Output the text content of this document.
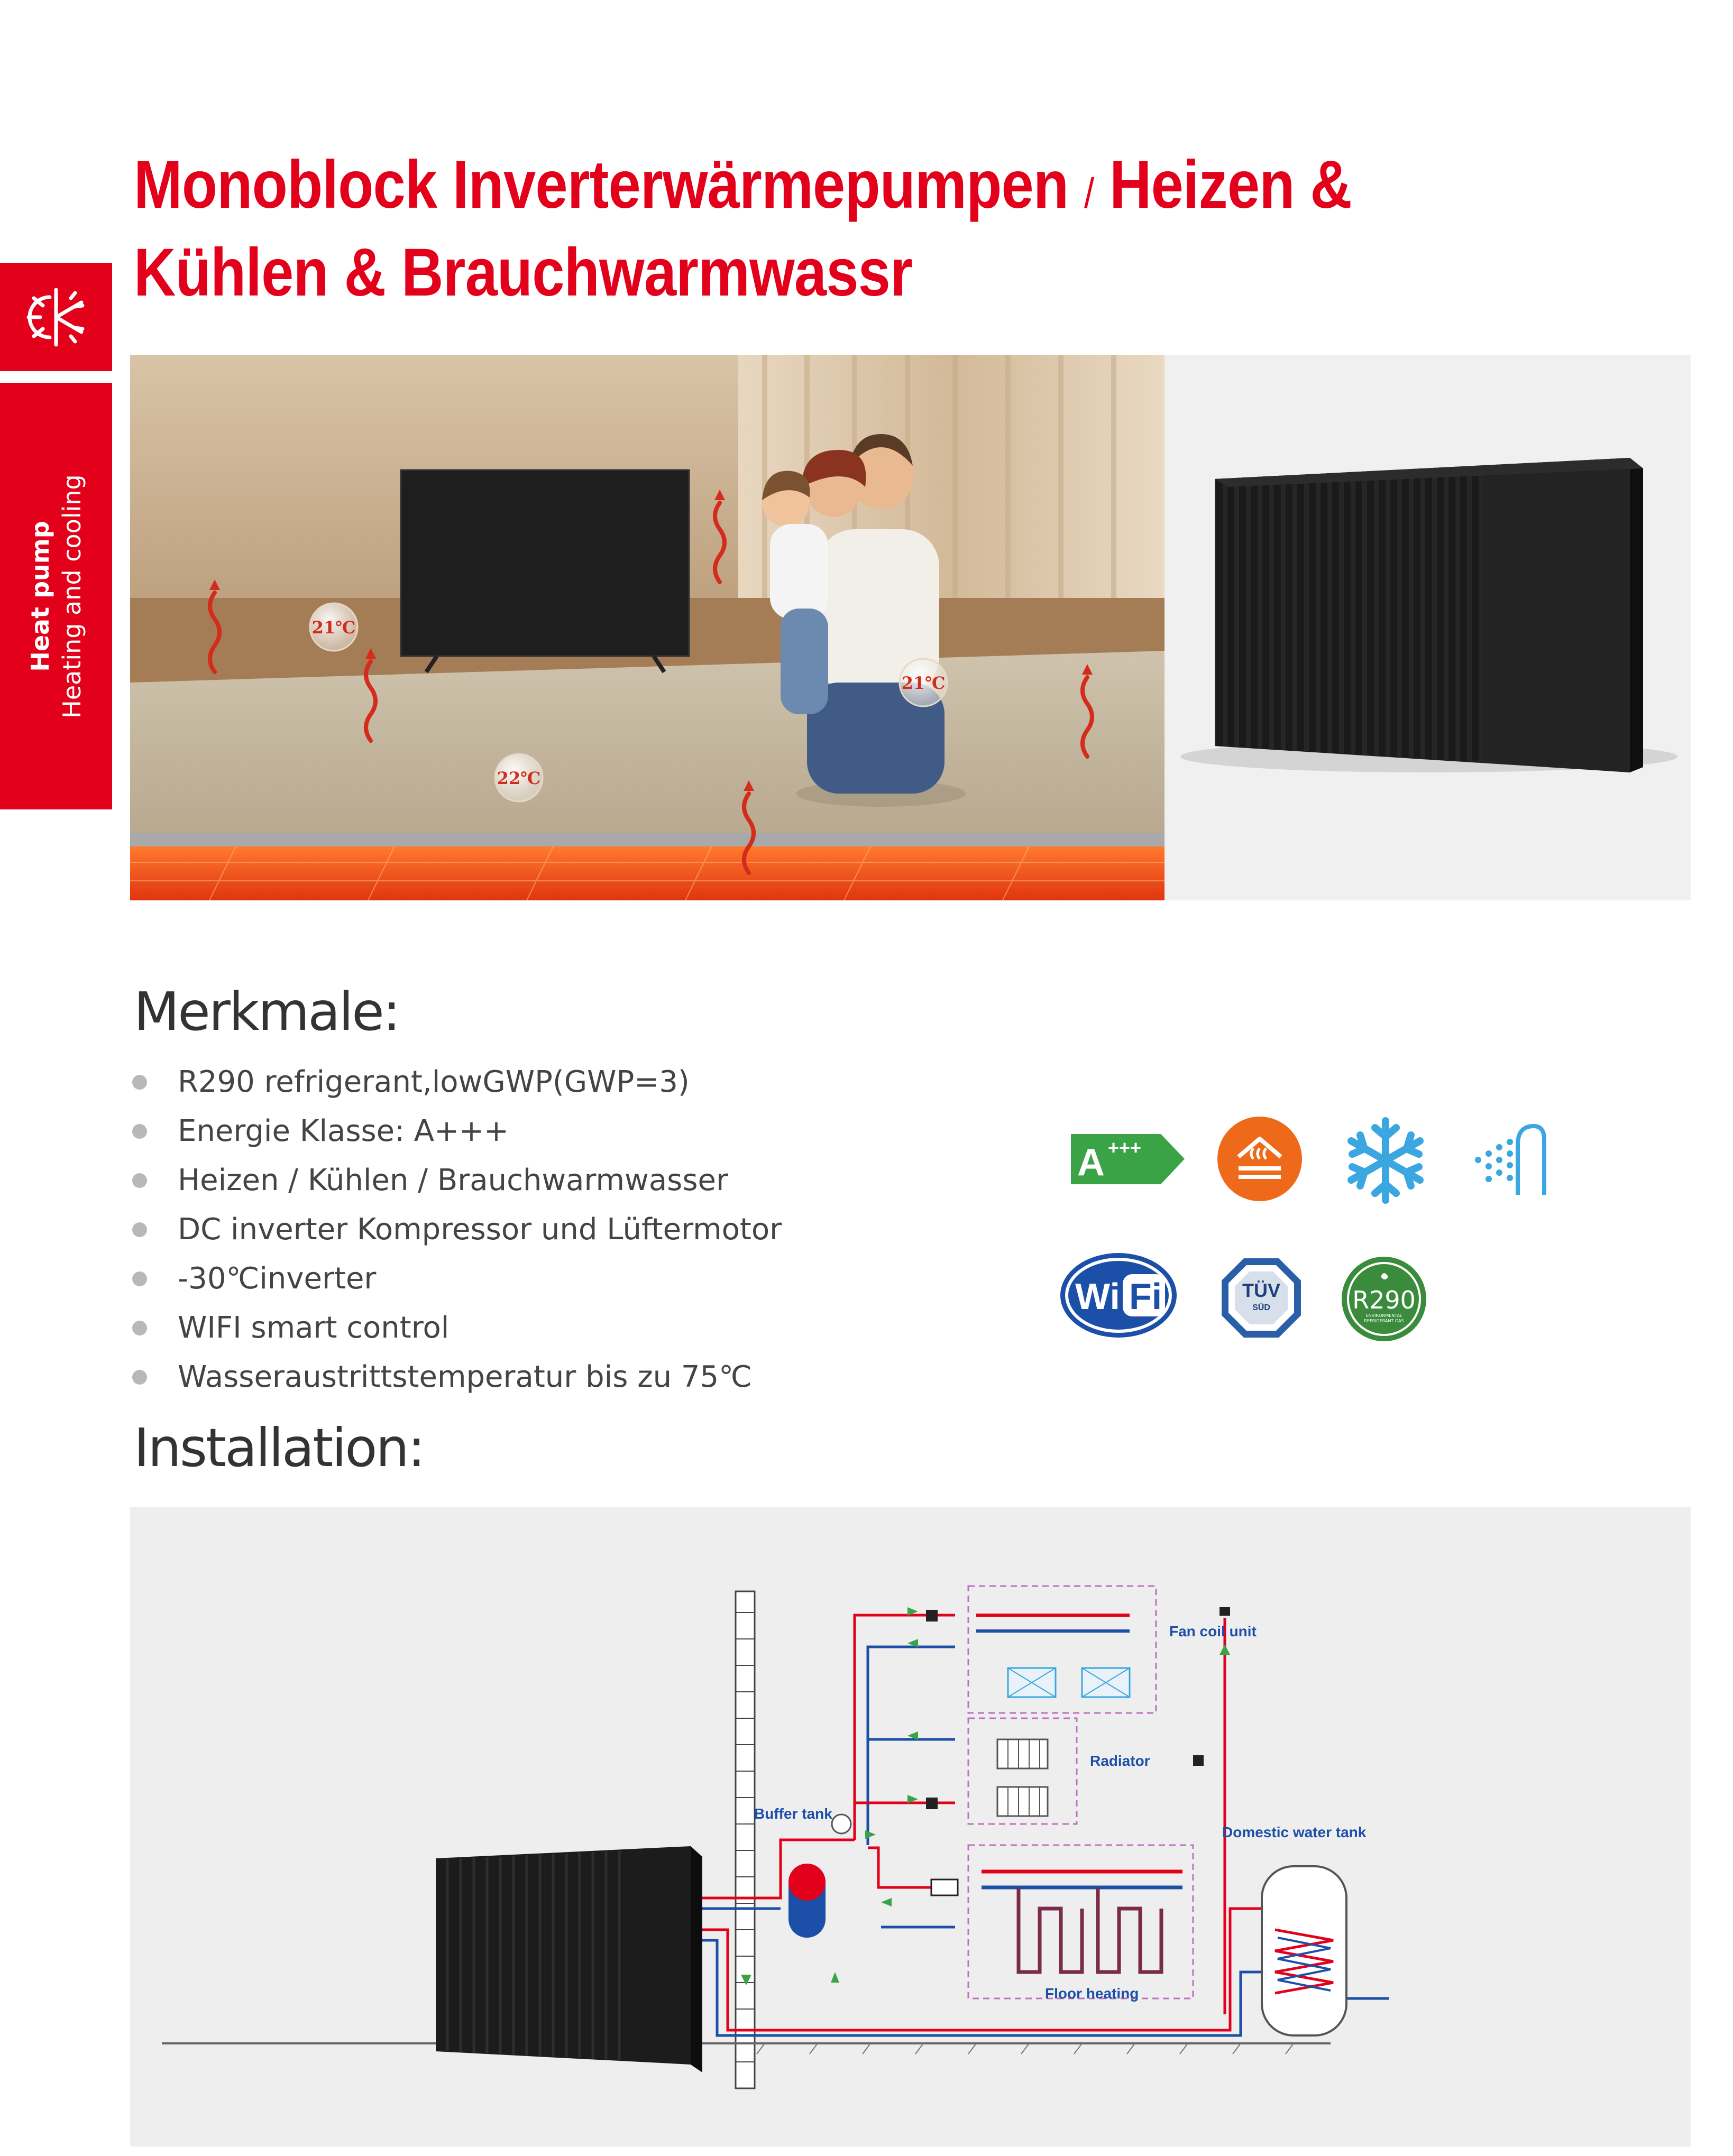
Heat pump Heating and cooling
Monoblock Inverterwärmepumpen / Heizen &
Kühlen & Brauchwarmwassr
21℃
21℃
22℃
Merkmale:
R290 refrigerant,lowGWP(GWP=3)
Energie Klasse: A+++
Heizen / Kühlen / Brauchwarmwasser
DC inverter Kompressor und Lüftermotor
-30℃inverter
WIFI smart control
Wasseraustrittstemperatur bis zu 75℃
A +++
Wi Fi	TÜV
SÜD	R290
ENVIRONMENTAL
REFRIGERANT GAS
Installation:
Fan coil unit
Radiator
Buffer tank
Domestic water tank
Floor heating
